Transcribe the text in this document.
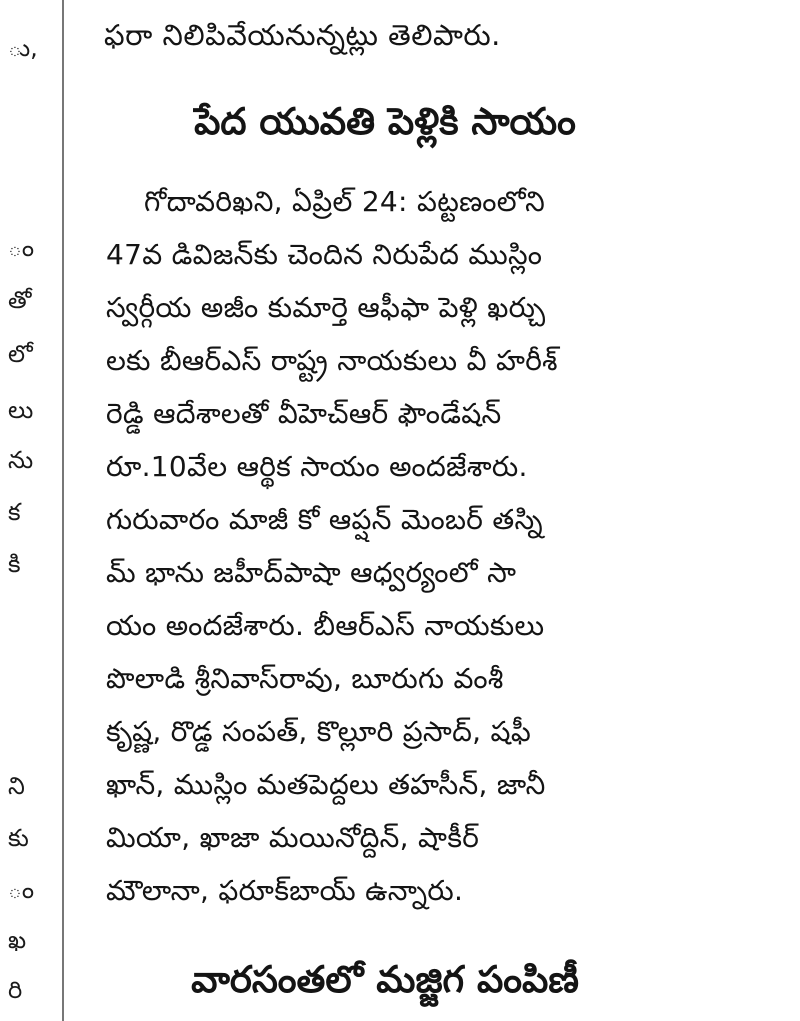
ు,
ం
తో
లో
లు
ను
క
కి
ని
కు
ం
ఖ
రి
ఫరా నిలిపివేయనున్నట్లు తెలిపారు.
పేద యువతి పెళ్లికి సాయం
గోదావరిఖని, ఏప్రిల్ 24: పట్టణంలోని
47వ డివిజన్‌కు చెందిన నిరుపేద ముస్లిం
స్వర్గీయ అజీం కుమార్తె ఆఫీఫా పెళ్లి ఖర్చు
లకు బీఆర్ఎస్ రాష్ట్ర నాయకులు వీ హరీశ్
రెడ్డి ఆదేశాలతో వీహెచ్ఆర్ ఫౌండేషన్
రూ.10వేల ఆర్థిక సాయం అందజేశారు.
గురువారం మాజీ కో ఆప్షన్ మెంబర్ తస్ని
మ్ భాను జహీద్‌పాషా ఆధ్వర్యంలో సా
యం అందజేశారు. బీఆర్ఎస్ నాయకులు
పొలాడి శ్రీనివాస్‌రావు, బూరుగు వంశీ
కృష్ణ, రొడ్డ సంపత్, కొల్లూరి ప్రసాద్, షఫీ
ఖాన్, ముస్లిం మతపెద్దలు తహసీన్, జానీ
మియా, ఖాజా మయినోద్దిన్, షాకీర్
మౌలానా, ఫరూక్‌బాయ్ ఉన్నారు.
వారసంతలో మజ్జిగ పంపిణీ
